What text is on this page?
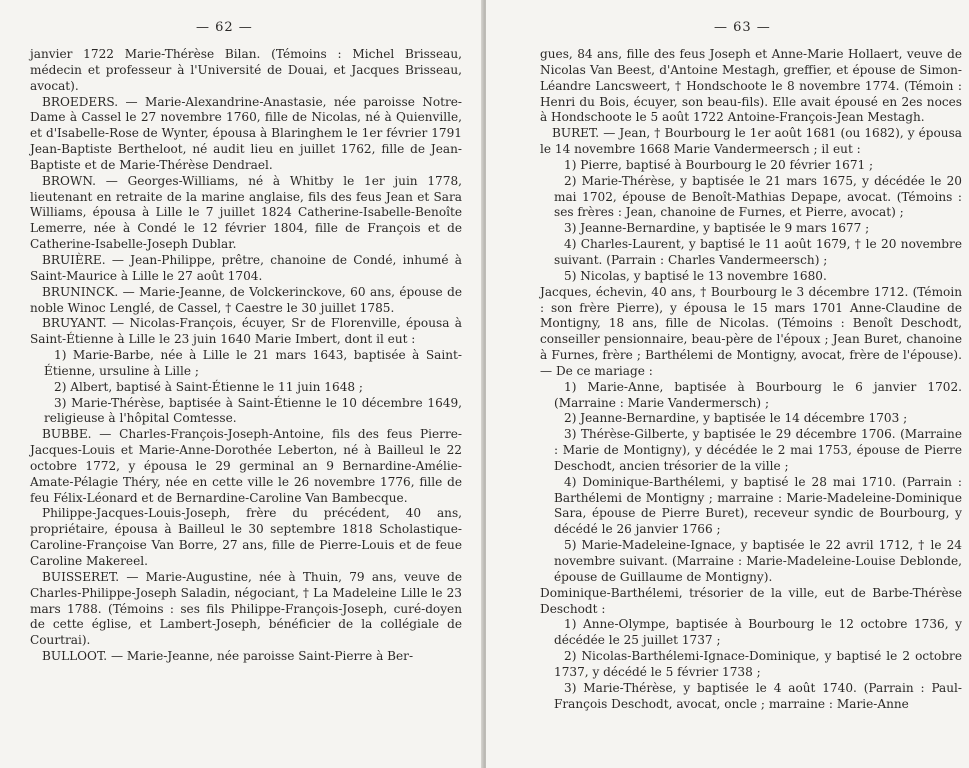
— 62 —

janvier 1722 Marie-Thérèse Bilan. (Témoins : Michel Brisseau, médecin et professeur à l'Université de Douai, et Jacques Brisseau, avocat).

BROEDERS. — Marie-Alexandrine-Anastasie, née paroisse Notre-Dame à Cassel le 27 novembre 1760, fille de Nicolas, né à Quienville, et d'Isabelle-Rose de Wynter, épousa à Blaringhem le 1er février 1791 Jean-Baptiste Bertheloot, né audit lieu en juillet 1762, fille de Jean-Baptiste et de Marie-Thérèse Dendrael.

BROWN. — Georges-Williams, né à Whitby le 1er juin 1778, lieutenant en retraite de la marine anglaise, fils des feus Jean et Sara Williams, épousa à Lille le 7 juillet 1824 Catherine-Isabelle-Benoîte Lemerre, née à Condé le 12 février 1804, fille de François et de Catherine-Isabelle-Joseph Dublar.

BRUIÈRE. — Jean-Philippe, prêtre, chanoine de Condé, inhumé à Saint-Maurice à Lille le 27 août 1704.

BRUNINCK. — Marie-Jeanne, de Volckerinckove, 60 ans, épouse de noble Winoc Lenglé, de Cassel, † Caestre le 30 juillet 1785.

BRUYANT. — Nicolas-François, écuyer, Sr de Florenville, épousa à Saint-Étienne à Lille le 23 juin 1640 Marie Imbert, dont il eut :

1) Marie-Barbe, née à Lille le 21 mars 1643, baptisée à Saint-Étienne, ursuline à Lille ;

2) Albert, baptisé à Saint-Étienne le 11 juin 1648 ;

3) Marie-Thérèse, baptisée à Saint-Étienne le 10 décembre 1649, religieuse à l'hôpital Comtesse.

BUBBE. — Charles-François-Joseph-Antoine, fils des feus Pierre-Jacques-Louis et Marie-Anne-Dorothée Leberton, né à Bailleul le 22 octobre 1772, y épousa le 29 germinal an 9 Bernardine-Amélie-Amate-Pélagie Théry, née en cette ville le 26 novembre 1776, fille de feu Félix-Léonard et de Bernardine-Caroline Van Bambecque.

Philippe-Jacques-Louis-Joseph, frère du précédent, 40 ans, propriétaire, épousa à Bailleul le 30 septembre 1818 Scholastique-Caroline-Françoise Van Borre, 27 ans, fille de Pierre-Louis et de feue Caroline Makereel.

BUISSERET. — Marie-Augustine, née à Thuin, 79 ans, veuve de Charles-Philippe-Joseph Saladin, négociant, † La Madeleine Lille le 23 mars 1788. (Témoins : ses fils Philippe-François-Joseph, curé-doyen de cette église, et Lambert-Joseph, bénéficier de la collégiale de Courtrai).

BULLOOT. — Marie-Jeanne, née paroisse Saint-Pierre à Ber-

— 63 —

gues, 84 ans, fille des feus Joseph et Anne-Marie Hollaert, veuve de Nicolas Van Beest, d'Antoine Mestagh, greffier, et épouse de Simon-Léandre Lancsweert, † Hondschoote le 8 novembre 1774. (Témoin : Henri du Bois, écuyer, son beau-fils). Elle avait épousé en 2es noces à Hondschoote le 5 août 1722 Antoine-François-Jean Mestagh.

BURET. — Jean, † Bourbourg le 1er août 1681 (ou 1682), y épousa le 14 novembre 1668 Marie Vandermeersch ; il eut :

1) Pierre, baptisé à Bourbourg le 20 février 1671 ;

2) Marie-Thérèse, y baptisée le 21 mars 1675, y décédée le 20 mai 1702, épouse de Benoît-Mathias Depape, avocat. (Témoins : ses frères : Jean, chanoine de Furnes, et Pierre, avocat) ;

3) Jeanne-Bernardine, y baptisée le 9 mars 1677 ;

4) Charles-Laurent, y baptisé le 11 août 1679, † le 20 novembre suivant. (Parrain : Charles Vandermeersch) ;

5) Nicolas, y baptisé le 13 novembre 1680.

Jacques, échevin, 40 ans, † Bourbourg le 3 décembre 1712. (Témoin : son frère Pierre), y épousa le 15 mars 1701 Anne-Claudine de Montigny, 18 ans, fille de Nicolas. (Témoins : Benoît Deschodt, conseiller pensionnaire, beau-père de l'époux ; Jean Buret, chanoine à Furnes, frère ; Barthélemi de Montigny, avocat, frère de l'épouse). — De ce mariage :

1) Marie-Anne, baptisée à Bourbourg le 6 janvier 1702. (Marraine : Marie Vandermersch) ;

2) Jeanne-Bernardine, y baptisée le 14 décembre 1703 ;

3) Thérèse-Gilberte, y baptisée le 29 décembre 1706. (Marraine : Marie de Montigny), y décédée le 2 mai 1753, épouse de Pierre Deschodt, ancien trésorier de la ville ;

4) Dominique-Barthélemi, y baptisé le 28 mai 1710. (Parrain : Barthélemi de Montigny ; marraine : Marie-Madeleine-Dominique Sara, épouse de Pierre Buret), receveur syndic de Bourbourg, y décédé le 26 janvier 1766 ;

5) Marie-Madeleine-Ignace, y baptisée le 22 avril 1712, † le 24 novembre suivant. (Marraine : Marie-Madeleine-Louise Deblonde, épouse de Guillaume de Montigny).

Dominique-Barthélemi, trésorier de la ville, eut de Barbe-Thérèse Deschodt :

1) Anne-Olympe, baptisée à Bourbourg le 12 octobre 1736, y décédée le 25 juillet 1737 ;

2) Nicolas-Barthélemi-Ignace-Dominique, y baptisé le 2 octobre 1737, y décédé le 5 février 1738 ;

3) Marie-Thérèse, y baptisée le 4 août 1740. (Parrain : Paul-François Deschodt, avocat, oncle ; marraine : Marie-Anne
